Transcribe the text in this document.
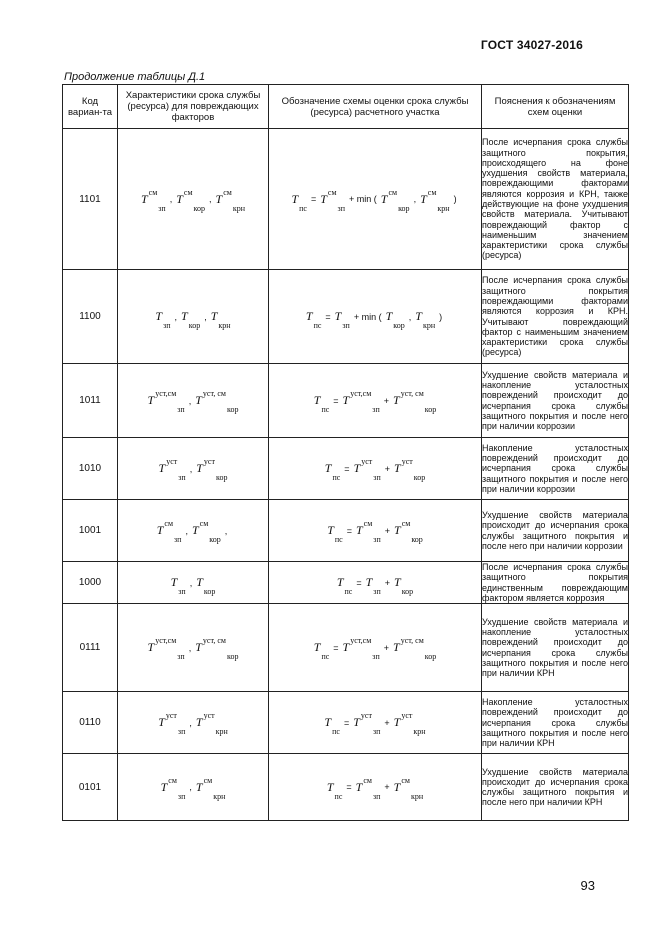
ГОСТ 34027-2016
Продолжение таблицы Д.1
Код вариан-та	Характеристики срока службы (ресурса) для повреждающих факторов	Обозначение схемы оценки срока службы (ресурса) расчетного участка	Пояснения к обозначениям схем оценки
1101	$T^{см}_{зп}$, $T^{см}_{кор}$, $T^{см}_{крн}$	$T_{пс}= T^{см}_{зп}+ \min$ ( $T^{см}_{кор}$, $T^{см}_{крн}$)	После исчерпания срока службы защитного покрытия, происходящего на фоне ухудшения свойств материала, повреждающими факторами являются коррозия и КРН, также действующие на фоне ухудшения свойств материала. Учитывают повреждающий фактор с наименьшим значением характеристики срока службы (ресурса)

1100	$T_{зп}$, $T_{кор}$, $T_{крн}$	$T_{пс}= T_{зп}+ \min$ ( $T_{кор}$, $T_{крн}$)	После исчерпания срока службы защитного покрытия повреждающими факторами являются коррозия и КРН. Учитывают повреждающий фактор с наименьшим значением характеристики срока службы (ресурса)

1011	$T^{уст,см}_{зп}$, $T^{уст, см}_{кор}$	$T_{пс}= T^{уст,см}_{зп}+ T^{уст, см}_{кор}$	Ухудшение свойств материала и накопление усталостных повреждений происходит до исчерпания срока службы защитного покрытия и после него при наличии коррозии

1010	$T^{уст}_{зп}$, $T^{уст}_{кор}$	$T_{пс}= T^{уст}_{зп}+ T^{уст}_{кор}$	Накопление усталостных повреждений происходит до исчерпания срока службы защитного покрытия и после него при наличии коррозии

1001	$T^{см}_{зп}$, $T^{см}_{кор}$,	$T_{пс}= T^{см}_{зп}+ T^{см}_{кор}$	Ухудшение свойств материала происходит до исчерпания срока службы защитного покрытия и после него при наличии коррозии

1000	$T_{зп}$, $T_{кор}$	$T_{пс}= T_{зп}+ T_{кор}$	После исчерпания срока службы защитного покрытия единственным повреждающим фактором является коррозия

0111	$T^{уст,см}_{зп}$, $T^{уст, см}_{кор}$	$T_{пс}= T^{уст,см}_{зп}+ T^{уст, см}_{кор}$	Ухудшение свойств материала и накопление усталостных повреждений происходит до исчерпания срока службы защитного покрытия и после него при наличии КРН

0110	$T^{уст}_{зп}$, $T^{уст}_{крн}$	$T_{пс}= T^{уст}_{зп}+ T^{уст}_{крн}$	Накопление усталостных повреждений происходит до исчерпания срока службы защитного покрытия и после него при наличии КРН

0101	$T^{см}_{зп}$, $T^{см}_{крн}$	$T_{пс}= T^{см}_{зп}+ T^{см}_{крн}$	Ухудшение свойств материала происходит до исчерпания срока службы защитного покрытия и после него при наличии КРН
93
